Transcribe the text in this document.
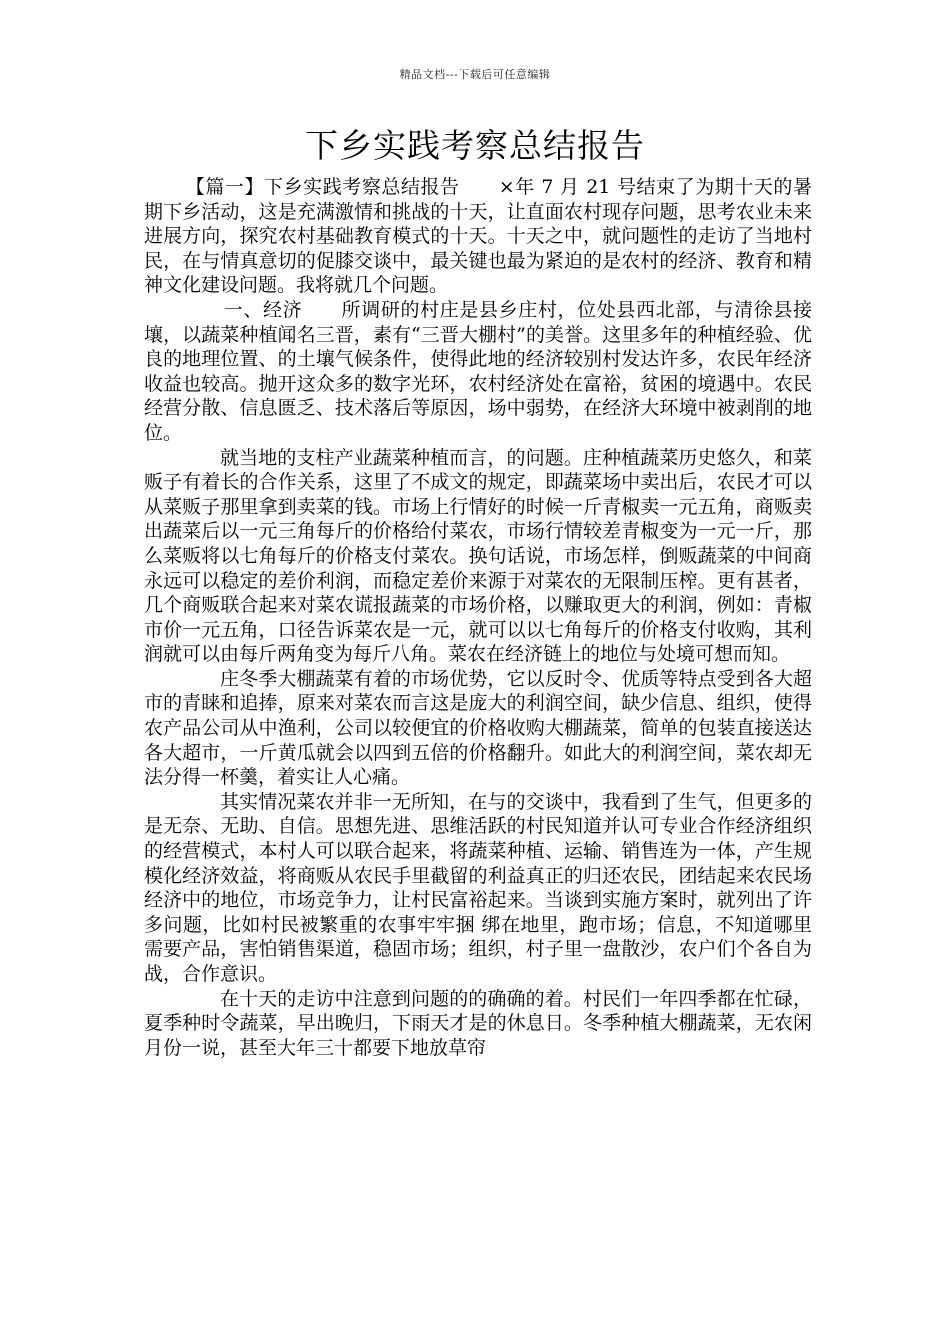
精品文档---下载后可任意编辑
下乡实践考察总结报告

【篇一】下乡实践考察总结报告　　×年 7 月 21 号结束了为期十天的暑期下乡活动，这是充满激情和挑战的十天，让直面农村现存问题，思考农业未来进展方向，探究农村基础教育模式的十天。十天之中，就问题性的走访了当地村民，在与情真意切的促膝交谈中，最关键也最为紧迫的是农村的经济、教育和精神文化建设问题。我将就几个问题。

一、经济　　所调研的村庄是县乡庄村，位处县西北部，与清徐县接壤，以蔬菜种植闻名三晋，素有“三晋大棚村”的美誉。这里多年的种植经验、优良的地理位置、的土壤气候条件，使得此地的经济较别村发达许多，农民年经济收益也较高。抛开这众多的数字光环，农村经济处在富裕，贫困的境遇中。农民经营分散、信息匮乏、技术落后等原因，场中弱势，在经济大环境中被剥削的地位。

就当地的支柱产业蔬菜种植而言，的问题。庄种植蔬菜历史悠久，和菜贩子有着长的合作关系，这里了不成文的规定，即蔬菜场中卖出后，农民才可以从菜贩子那里拿到卖菜的钱。市场上行情好的时候一斤青椒卖一元五角，商贩卖出蔬菜后以一元三角每斤的价格给付菜农，市场行情较差青椒变为一元一斤，那么菜贩将以七角每斤的价格支付菜农。换句话说，市场怎样，倒贩蔬菜的中间商永远可以稳定的差价利润，而稳定差价来源于对菜农的无限制压榨。更有甚者，几个商贩联合起来对菜农谎报蔬菜的市场价格，以赚取更大的利润，例如：青椒市价一元五角，口径告诉菜农是一元，就可以以七角每斤的价格支付收购，其利润就可以由每斤两角变为每斤八角。菜农在经济链上的地位与处境可想而知。

庄冬季大棚蔬菜有着的市场优势，它以反时令、优质等特点受到各大超市的青睐和追捧，原来对菜农而言这是庞大的利润空间，缺少信息、组织，使得农产品公司从中渔利，公司以较便宜的价格收购大棚蔬菜，简单的包装直接送达各大超市，一斤黄瓜就会以四到五倍的价格翻升。如此大的利润空间，菜农却无法分得一杯羹，着实让人心痛。

其实情况菜农并非一无所知，在与的交谈中，我看到了生气，但更多的是无奈、无助、自信。思想先进、思维活跃的村民知道并认可专业合作经济组织的经营模式，本村人可以联合起来，将蔬菜种植、运输、销售连为一体，产生规模化经济效益，将商贩从农民手里截留的利益真正的归还农民，团结起来农民场经济中的地位，市场竞争力，让村民富裕起来。当谈到实施方案时，就列出了许多问题，比如村民被繁重的农事牢牢捆 绑在地里，跑市场；信息，不知道哪里需要产品，害怕销售渠道，稳固市场；组织，村子里一盘散沙，农户们个各自为战，合作意识。

在十天的走访中注意到问题的的确确的着。村民们一年四季都在忙碌，夏季种时令蔬菜，早出晚归，下雨天才是的休息日。冬季种植大棚蔬菜，无农闲月份一说，甚至大年三十都要下地放草帘
